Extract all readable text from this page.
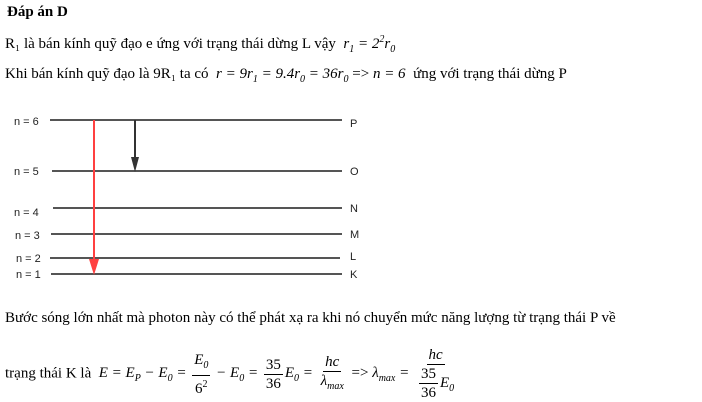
Đáp án D
R₁ là bán kính quỹ đạo e ứng với trạng thái dừng L vậy  $r_1 = 2^2r_0$
Khi bán kính quỹ đạo là 9R₁ ta có  $r = 9r_1 = 9.4r_0 = 36r_0 => n = 6$  ứng với trạng thái dừng P
n = 6
n = 5
n = 4
n = 3
n = 2
n = 1
P
O
N
M
L
K
Bước sóng lớn nhất mà photon này có thể phát xạ ra khi nó chuyển mức năng lượng từ trạng thái P về
trạng thái K là  $E = E_P - E_0 = \frac{E_0}{6^2} - E_0 = \frac{35}{36} E_0 = \frac{hc}{\lambda_{max}} => \lambda_{max} = \frac{hc}{\frac{35}{36} E_0}$
